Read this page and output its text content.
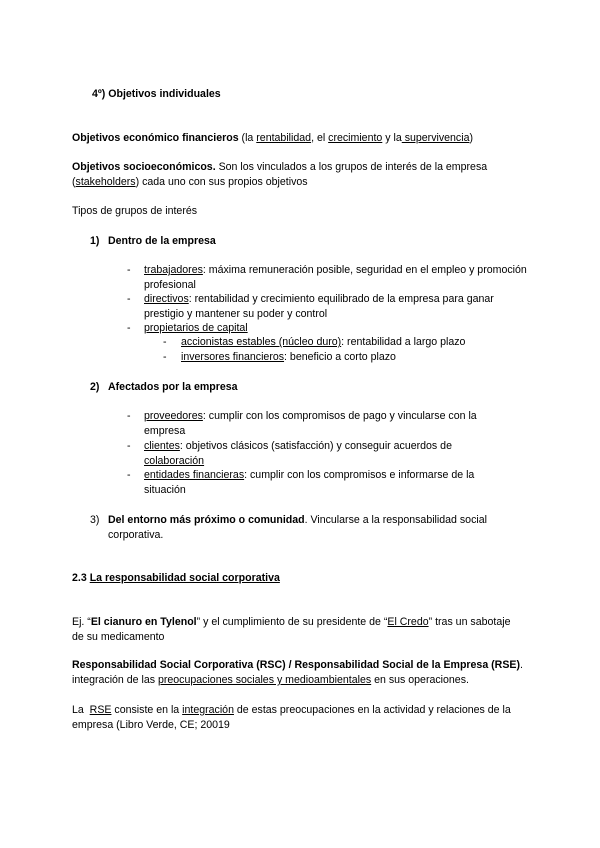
4º) Objetivos individuales
Objetivos económico financieros (la rentabilidad, el crecimiento y la supervivencia)
Objetivos socioeconómicos. Son los vinculados a los grupos de interés de la empresa (stakeholders) cada uno con sus propios objetivos
Tipos de grupos de interés
1) Dentro de la empresa
- trabajadores: máxima remuneración posible, seguridad en el empleo y promoción profesional
- directivos: rentabilidad y crecimiento equilibrado de la empresa para ganar prestigio y mantener su poder y control
- propietarios de capital
- accionistas estables (núcleo duro): rentabilidad a largo plazo
- inversores financieros: beneficio a corto plazo
2) Afectados por la empresa
- proveedores: cumplir con los compromisos de pago y vincularse con la empresa
- clientes: objetivos clásicos (satisfacción) y conseguir acuerdos de colaboración
- entidades financieras: cumplir con los compromisos e informarse de la situación
3) Del entorno más próximo o comunidad. Vincularse a la responsabilidad social corporativa.
2.3 La responsabilidad social corporativa
Ej. “El cianuro en Tylenol” y el cumplimiento de su presidente de “El Credo” tras un sabotaje de su medicamento
Responsabilidad Social Corporativa (RSC) / Responsabilidad Social de la Empresa (RSE). integración de las preocupaciones sociales y medioambientales en sus operaciones.
La  RSE consiste en la integración de estas preocupaciones en la actividad y relaciones de la empresa (Libro Verde, CE; 20019
